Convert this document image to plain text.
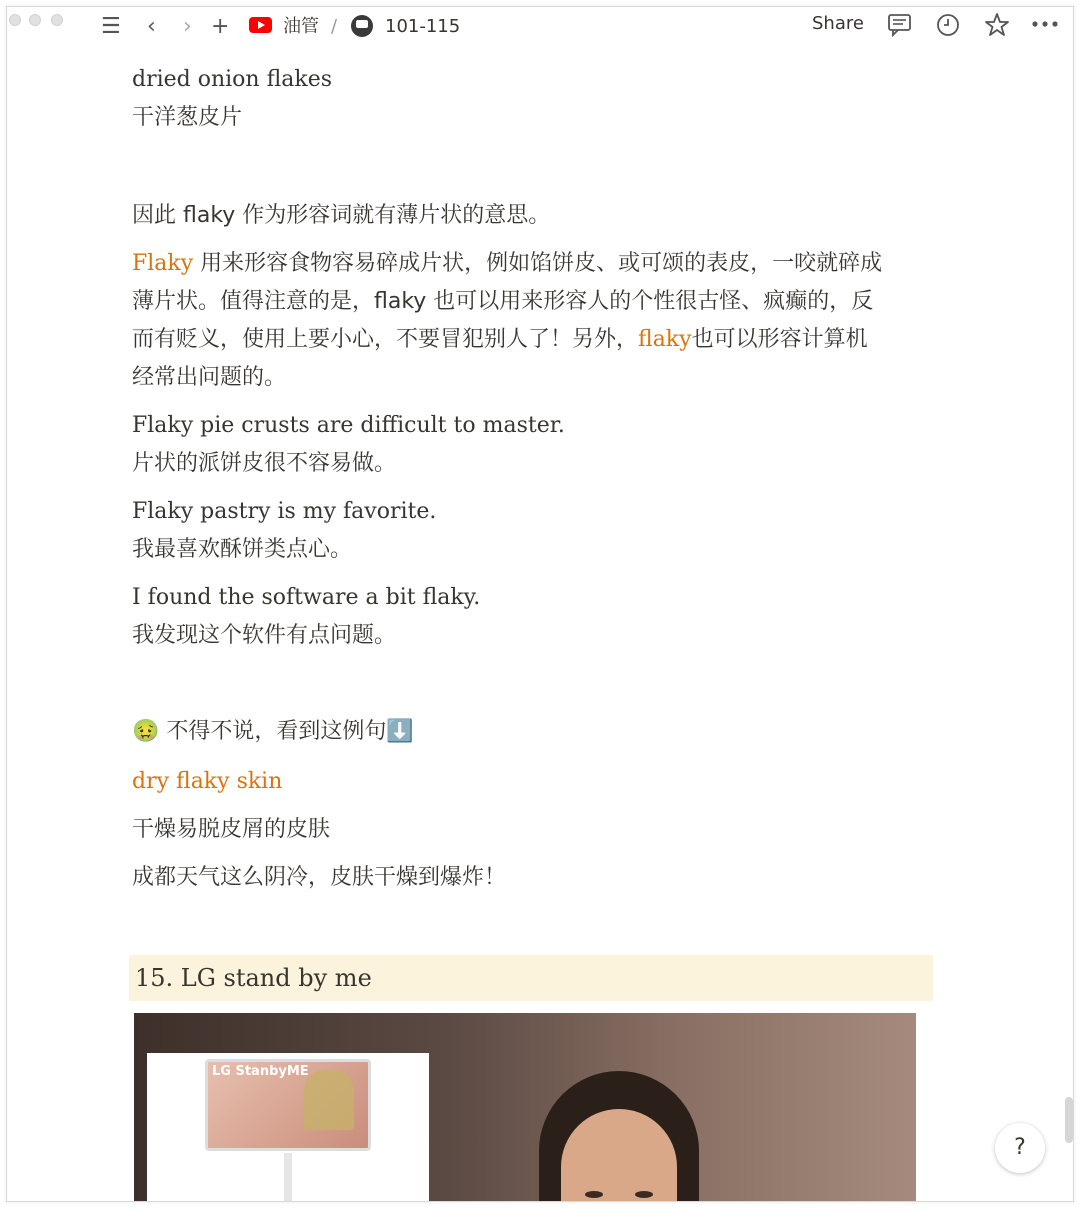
☰ ‹ › +	油管 /	101-115	Share
dried onion flakes
干洋葱皮片
因此 flaky 作为形容词就有薄片状的意思。
Flaky 用来形容食物容易碎成片状，例如馅饼皮、或可颂的表皮，一咬就碎成
薄片状。值得注意的是，flaky 也可以用来形容人的个性很古怪、疯癫的，反
而有贬义，使用上要小心，不要冒犯别人了！另外，flaky也可以形容计算机
经常出问题的。
Flaky pie crusts are difficult to master.
片状的派饼皮很不容易做。
Flaky pastry is my favorite.
我最喜欢酥饼类点心。
I found the software a bit flaky.
我发现这个软件有点问题。
🤢 不得不说，看到这例句⬇️
dry flaky skin
干燥易脱皮屑的皮肤
成都天气这么阴冷，皮肤干燥到爆炸！
15. LG stand by me
LG StanbyME
?
